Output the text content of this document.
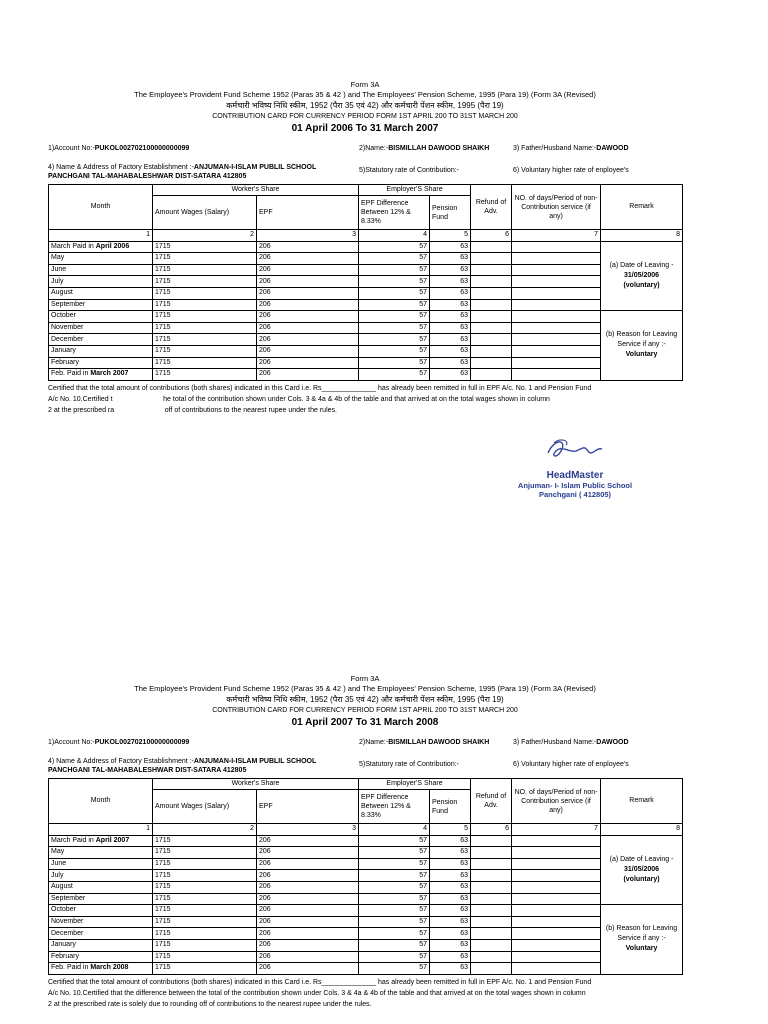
Form 3A
The Employee's Provident Fund Scheme 1952 (Paras 35 & 42 ) and The Employees' Pension Scheme, 1995 (Para 19) (Form 3A (Revised)
कर्मचारी भविष्य निधि स्कीम, 1952 (पैरा 35 एवं 42) और कर्मचारी पेंशन स्कीम, 1995 (पैरा 19)
CONTRIBUTION CARD FOR CURRENCY PERIOD FORM 1ST APRIL 200 TO 31ST MARCH 200
01 April 2006 To 31 March 2007
1)Account No:-PUKOL002702100000000099	2)Name:-BISMILLAH DAWOOD SHAIKH	3) Father/Husband Name:-DAWOOD
4) Name & Address of Factory Establishment :-ANJUMAN-I-ISLAM PUBLIL SCHOOL
PANCHGANI TAL-MAHABALESHWAR DIST-SATARA 412805
5)Statutory rate of Contribution:-	6) Voluntary higher rate of enployee's
Month	Worker's Share		Employer'S Share		Refund of Adv.	NO. of days/Period of non- Contribution service (if any)	Remark
	Amount Wages (Salary)	EPF	EPF Difference Between 12% & 8.33%	Pension Fund			
1	2	3	4	5	6	7	8
March Paid in April 2006	1715	206	57	63			(a) Date of Leaving -
31/05/2006
(voluntary)
May	1715	206	57	63			
June	1715	206	57	63			
July	1715	206	57	63			
August	1715	206	57	63			
September	1715	206	57	63			
October	1715	206	57	63			(b) Reason for Leaving Service if any :-Voluntary
November	1715	206	57	63			
December	1715	206	57	63			
January	1715	206	57	63			
February	1715	206	57	63			
Feb. Paid in March 2007	1715	206	57	63			
Certified that the total amount of contributions (both shares) indicated in this Card i.e. Rs______________ has already been remitted in full in EPF A/c. No. 1 and Pension Fund
A/c No. 10.Certified t                          he total of the contribution shown under Cols. 3 & 4a & 4b of the table and that arrived at on the total wages shown in column
2 at the prescribed ra                          off of contributions to the nearest rupee under the rules.
HeadMaster
Anjuman- I- Islam Public School
Panchgani ( 412805)
Form 3A
The Employee's Provident Fund Scheme 1952 (Paras 35 & 42 ) and The Employees' Pension Scheme, 1995 (Para 19) (Form 3A (Revised)
कर्मचारी भविष्य निधि स्कीम, 1952 (पैरा 35 एवं 42) और कर्मचारी पेंशन स्कीम, 1995 (पैरा 19)
CONTRIBUTION CARD FOR CURRENCY PERIOD FORM 1ST APRIL 200 TO 31ST MARCH 200
01 April 2007 To 31 March 2008
1)Account No:-PUKOL002702100000000099	2)Name:-BISMILLAH DAWOOD SHAIKH	3) Father/Husband Name:-DAWOOD
4) Name & Address of Factory Establishment :-ANJUMAN-I-ISLAM PUBLIL SCHOOL
PANCHGANI TAL-MAHABALESHWAR DIST-SATARA 412805
5)Statutory rate of Contribution:-	6) Voluntary higher rate of enployee's
Month	Worker's Share		Employer'S Share		Refund of Adv.	NO. of days/Period of non- Contribution service (if any)	Remark
	Amount Wages (Salary)	EPF	EPF Difference Between 12% & 8.33%	Pension Fund			
1	2	3	4	5	6	7	8
March Paid in April 2007	1715	206	57	63			(a) Date of Leaving -
31/05/2006
(voluntary)
May	1715	206	57	63			
June	1715	206	57	63			
July	1715	206	57	63			
August	1715	206	57	63			
September	1715	206	57	63			
October	1715	206	57	63			(b) Reason for Leaving Service if any :-Voluntary
November	1715	206	57	63			
December	1715	206	57	63			
January	1715	206	57	63			
February	1715	206	57	63			
Feb. Paid in March 2008	1715	206	57	63			
Certified that the total amount of contributions (both shares) indicated in this Card i.e. Rs______________ has already been remitted in full in EPF A/c. No. 1 and Pension Fund
A/c No. 10.Certified that the difference between the total of the contribution shown under Cols. 3 & 4a & 4b of the table and that arrived at on the total wages shown in column
2 at the prescribed rate is solely due to rounding off of contributions to the nearest rupee under the rules.
